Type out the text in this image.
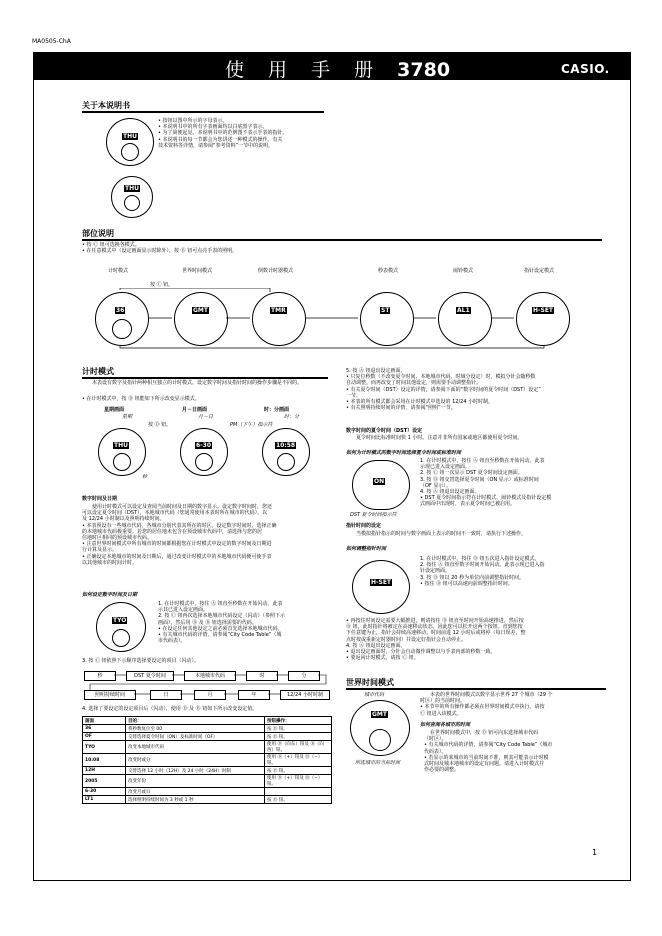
MA0505-ChA
使 用 手 册 3780	CASIO.
关于本说明书
THU
THU
• 按钮以图中所示的字母表示。
• 本说明书中的所有字表画面均以白底黑字表示。
• 为了简便起见，本说明书中的范例图不表示手表的指针。
• 本说明书的每一节都会为您讲述一种模式的操作。有关
技术资料等详情，请参阅“参考资料”一节中的说明。
部位说明
• 按 Ⓒ 钮可选换各模式。
• 在任意模式中（设定画面显示时除外），按 Ⓑ 钮可点亮手表的照明。
计时模式	世界时间模式	倒数计时器模式	秒表模式	闹铃模式	指针设定模式
按 Ⓒ 钮。
36	GMT	TMR	ST	AL1	H-SET
计时模式
本表设有数字及指针两种相互独立的计时模式。设定数字时间及指针时间的操作步骤是不同的。
• 在计时模式中，按 Ⓓ 钮能如下所示改变显示模式。
星期画面	月－日画面	时：分画面
星期	月－日
PM（下午）指示符
时：分
按 Ⓓ 钮。
秒
THU	6-30	10:58
数字时间及日期
使用计时模式可以设定及查阅当前时间及日期的数字显示。设定数字时间时，您还
可以设定夏令时间（DST），本地城市代码（您通常使用本表时所在城市的代码），以
及 12/24 小时制以及照明持续时间。
• 本表预设有一些城市代码，各城市分别代表其所在的时区。设定数字时间时，选择正确
的本地城市代码极重要。若您的居住地未包含在预设城市代码中，请选择与您的居
住地时区相同的预设城市代码。
• 注意世界时间模式中所有城市的时间都根据您在计时模式中设定的数字时间及日期进
行计算及显示。
• 正确设定本地城市的时间及日期后，通过改变计时模式中的本地城市代码便可使手表
以其他城市的时间计时。
如何设定数字时间及日期
TYO
1. 在计时模式中，按住 Ⓐ 钮直至秒数在开始闪动。此表
示其已进入设定画面。
2. 按 Ⓒ 钮再次选择本地城市代码设定（闪动）（参照下示
画面），然后用 Ⓓ 及 Ⓑ 钮选择需要的代码。
• 在设定任何其他设定之前必须首先选择本地城市代码。
• 有关城市代码的详情，请参阅“City Code Table”（城
市代码表）。
3. 按 Ⓒ 钮依照下示顺序选择要设定的项目（闪动）。
秒	DST 夏令时间	本地城市代码	时	分
照明持续时间	日	月	年	12/24 小时时制
4. 选择了要设定的设定项目后（闪动），使用 Ⓓ 及 Ⓑ 钮如下所示改变设定值。
画面	目的：	按钮操作：
36	将秒数复位至 00	按 Ⓓ 钮。
OF	交替选择夏令时间（ON）及标准时间（OF）	按 Ⓓ 钮。
TYO	改变本地城市代码	使用 Ⓓ（向东）钮及 Ⓑ（向西）钮。
10:08	改变时或分	使用 Ⓓ（+）钮及 Ⓑ（−）钮。
12H	交替选择 12 小时（12H）及 24 小时（24H）时制	按 Ⓓ 钮。
2005	改变年份	使用 Ⓓ（+）钮及 Ⓑ（−）钮。
6-30	改变月或日	
LT1	选择照明持续时间为 3 秒或 1 秒	按 Ⓓ 钮。
5. 按 Ⓐ 钮退出设定画面。
• 只复位秒数（不改变夏令时间、本地城市代码、时域分设定）时，模拟分针会随秒数
自动调整。而再改变了时间其他设定，则需要手动调整指针。
• 有关夏令时间（DST）设定的详情，请参阅下面的“数字时间的夏令时间（DST）设定”
一节。
• 本表的所有模式都会采用在计时模式中选设的 12/24 小时时制。
• 有关照明持续时间的详情，请参阅“照明”一节。
数字时间的夏令时间（DST）设定
夏令时间比标准时间快 1 小时。注意并非所有国家或地区都使用夏令时间。
如何为计时模式的数字时间选择夏令时间或标准时间
ON
DST 夏令时间指示符
1. 在计时模式中，按住 Ⓐ 钮直至秒数在开始闪动。此表
示现已进入设定画面。
2. 按 Ⓒ 钮一次显示 DST 夏令时间设定画面。
3. 按 Ⓓ 钮交替选择夏令时间（ON 显示）或标准时间
（OF 显示）。
4. 按 Ⓐ 钮退出设定画面。
• DST 夏令时间指示符在计时模式、闹铃模式及指针设定模
式画面中出现时，表示夏令时间已被启用。
指针时间的设定
当模拟指针指示的时间与数字画面上表示的时间不一致时，请执行下述操作。
如何调整指针时间
H-SET
1. 在计时模式中，按住 Ⓓ 钮五次进入指针设定模式。
2. 按住 Ⓐ 钮直至数字时间开始闪动。此表示现已进入指
针设定画面。
3. 按 Ⓓ 钮以 20 秒为单位向前调整指针时间。
• 按住 Ⓓ 钮可以高速向前调整指针时间。
• 再按住时间设定需要大幅推进，则请按住 Ⓓ 钮直至时间开始高速推进，然后按
Ⓑ 钮，此时指针将被定在高速移动状态。因此您可以松开这两个按钮。直到您按
下任意键为止，指针会持续高速移动。时间前进 12 小时后或将停（每日误差，整
点时按或重新定时器时间）并设定好指针会自动停止。
4. 按 Ⓐ 钮退出设定画面。
• 退出设定画面时，分针会自动微作调整以与手表内部的秒数一致。
• 要返回计时模式，请按 Ⓒ 钮。
世界时间模式
城市代码
GMT
所选城市的当前时间
本表的世界时间模式以数字显示世界 27 个城市（29 个
时区）的当前时间。
• 本节中的所有操作都必须在世界时间模式中执行。请按
Ⓒ 钮进入该模式。
如何查阅各城市的时间
在世界时间模式中，按 Ⓓ 钮可向东选择城市代码
（时区）。
• 有关城市代码的详情，请参阅“City Code Table”（城市
代码表）。
• 若显示的某城市的当前时间不准，则其可能表示计时模
式时间及城本地城市的设定有问题。请进入计时模式并
作必要的调整。
1
